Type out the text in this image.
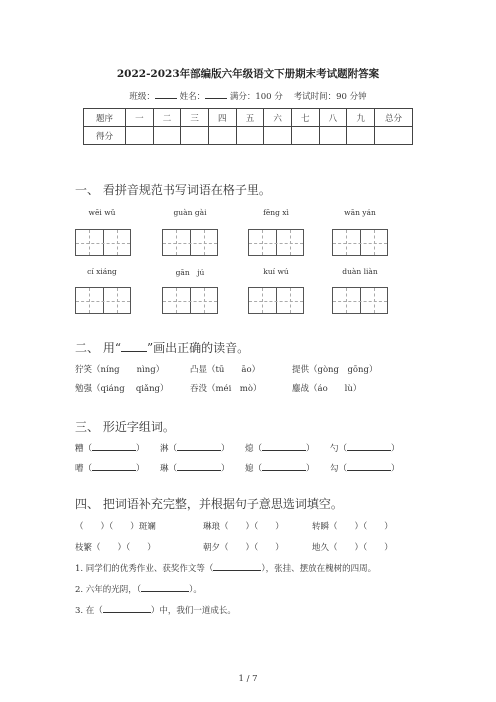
2022-2023年部编版六年级语文下册期末考试题附答案
班级：	姓名：	满分：100 分 考试时间：90 分钟
题序	一	二	三	四	五	六	七	八	九	总分
得分										
一、 看拼音规范书写词语在格子里。
wēi wǔ	guàn gài	fēng xì	wān yán
cí xiáng	gān　jú	kuí wú	duàn liàn
二、 用“ ”画出正确的读音。
狞笑（níng　　nìng）	凸显（tū　　āo）	提供（gòng　gōng）
勉强（qiáng　 qiǎng）	吞没（méi　mò）	鏖战（áo　　lù）
三、 形近字组词。
糟（	） 淋（	） 熄（	） 勺（	）
嘈（	） 琳（	） 媳（	） 勾（	）
四、 把词语补充完整，并根据句子意思选词填空。
（　　）（　　）斑斓	琳琅（　　）（　　）	转瞬（　　）（　　）
枝繁（　　）（　　）	朝夕（　　）（　　）	地久（　　）（　　）
1. 同学们的优秀作业、获奖作文等（	），张挂、摆放在槐树的四周。
2. 六年的光阴，（	）。
3. 在（	）中，我们一道成长。
1 / 7
